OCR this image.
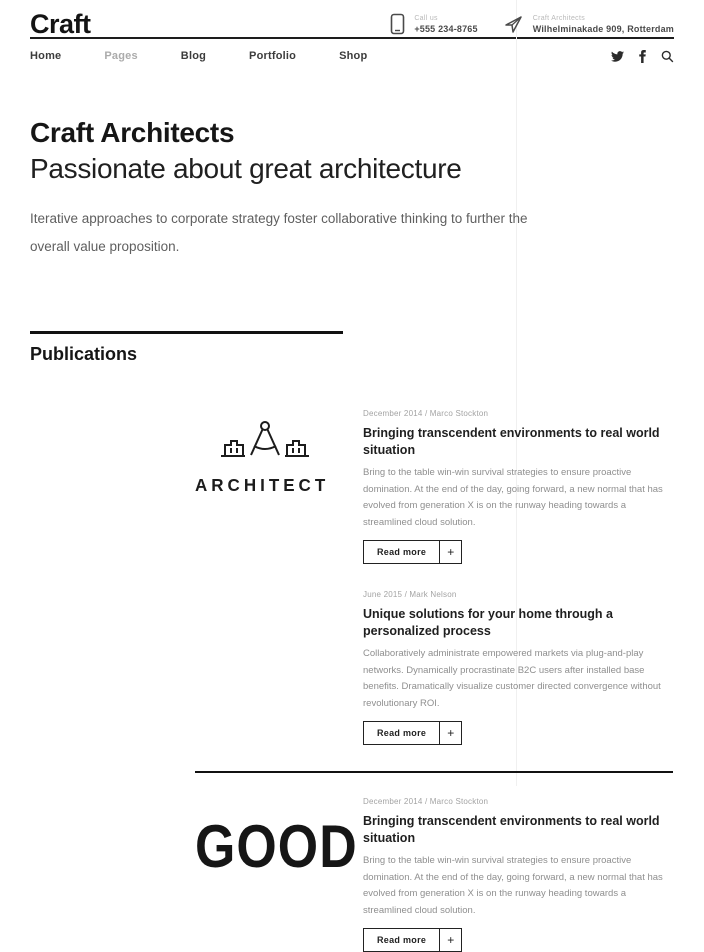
Craft	Call us
+555 234-8765
Craft Architects
Wilhelminakade 909, Rotterdam
Home	Pages	Blog	Portfolio	Shop
Craft Architects
Passionate about great architecture
Iterative approaches to corporate strategy foster collaborative thinking to further the overall value proposition.
Publications
ARCHITECT
December 2014 / Marco Stockton
Bringing transcendent environments to real world situation
Bring to the table win-win survival strategies to ensure proactive domination. At the end of the day, going forward, a new normal that has evolved from generation X is on the runway heading towards a streamlined cloud solution.
Read more	+
June 2015 / Mark Nelson
Unique solutions for your home through a personalized process
Collaboratively administrate empowered markets via plug-and-play networks. Dynamically procrastinate B2C users after installed base benefits. Dramatically visualize customer directed convergence without revolutionary ROI.
Read more	+
GOOD
December 2014 / Marco Stockton
Bringing transcendent environments to real world situation
Bring to the table win-win survival strategies to ensure proactive domination. At the end of the day, going forward, a new normal that has evolved from generation X is on the runway heading towards a streamlined cloud solution.
Read more	+
